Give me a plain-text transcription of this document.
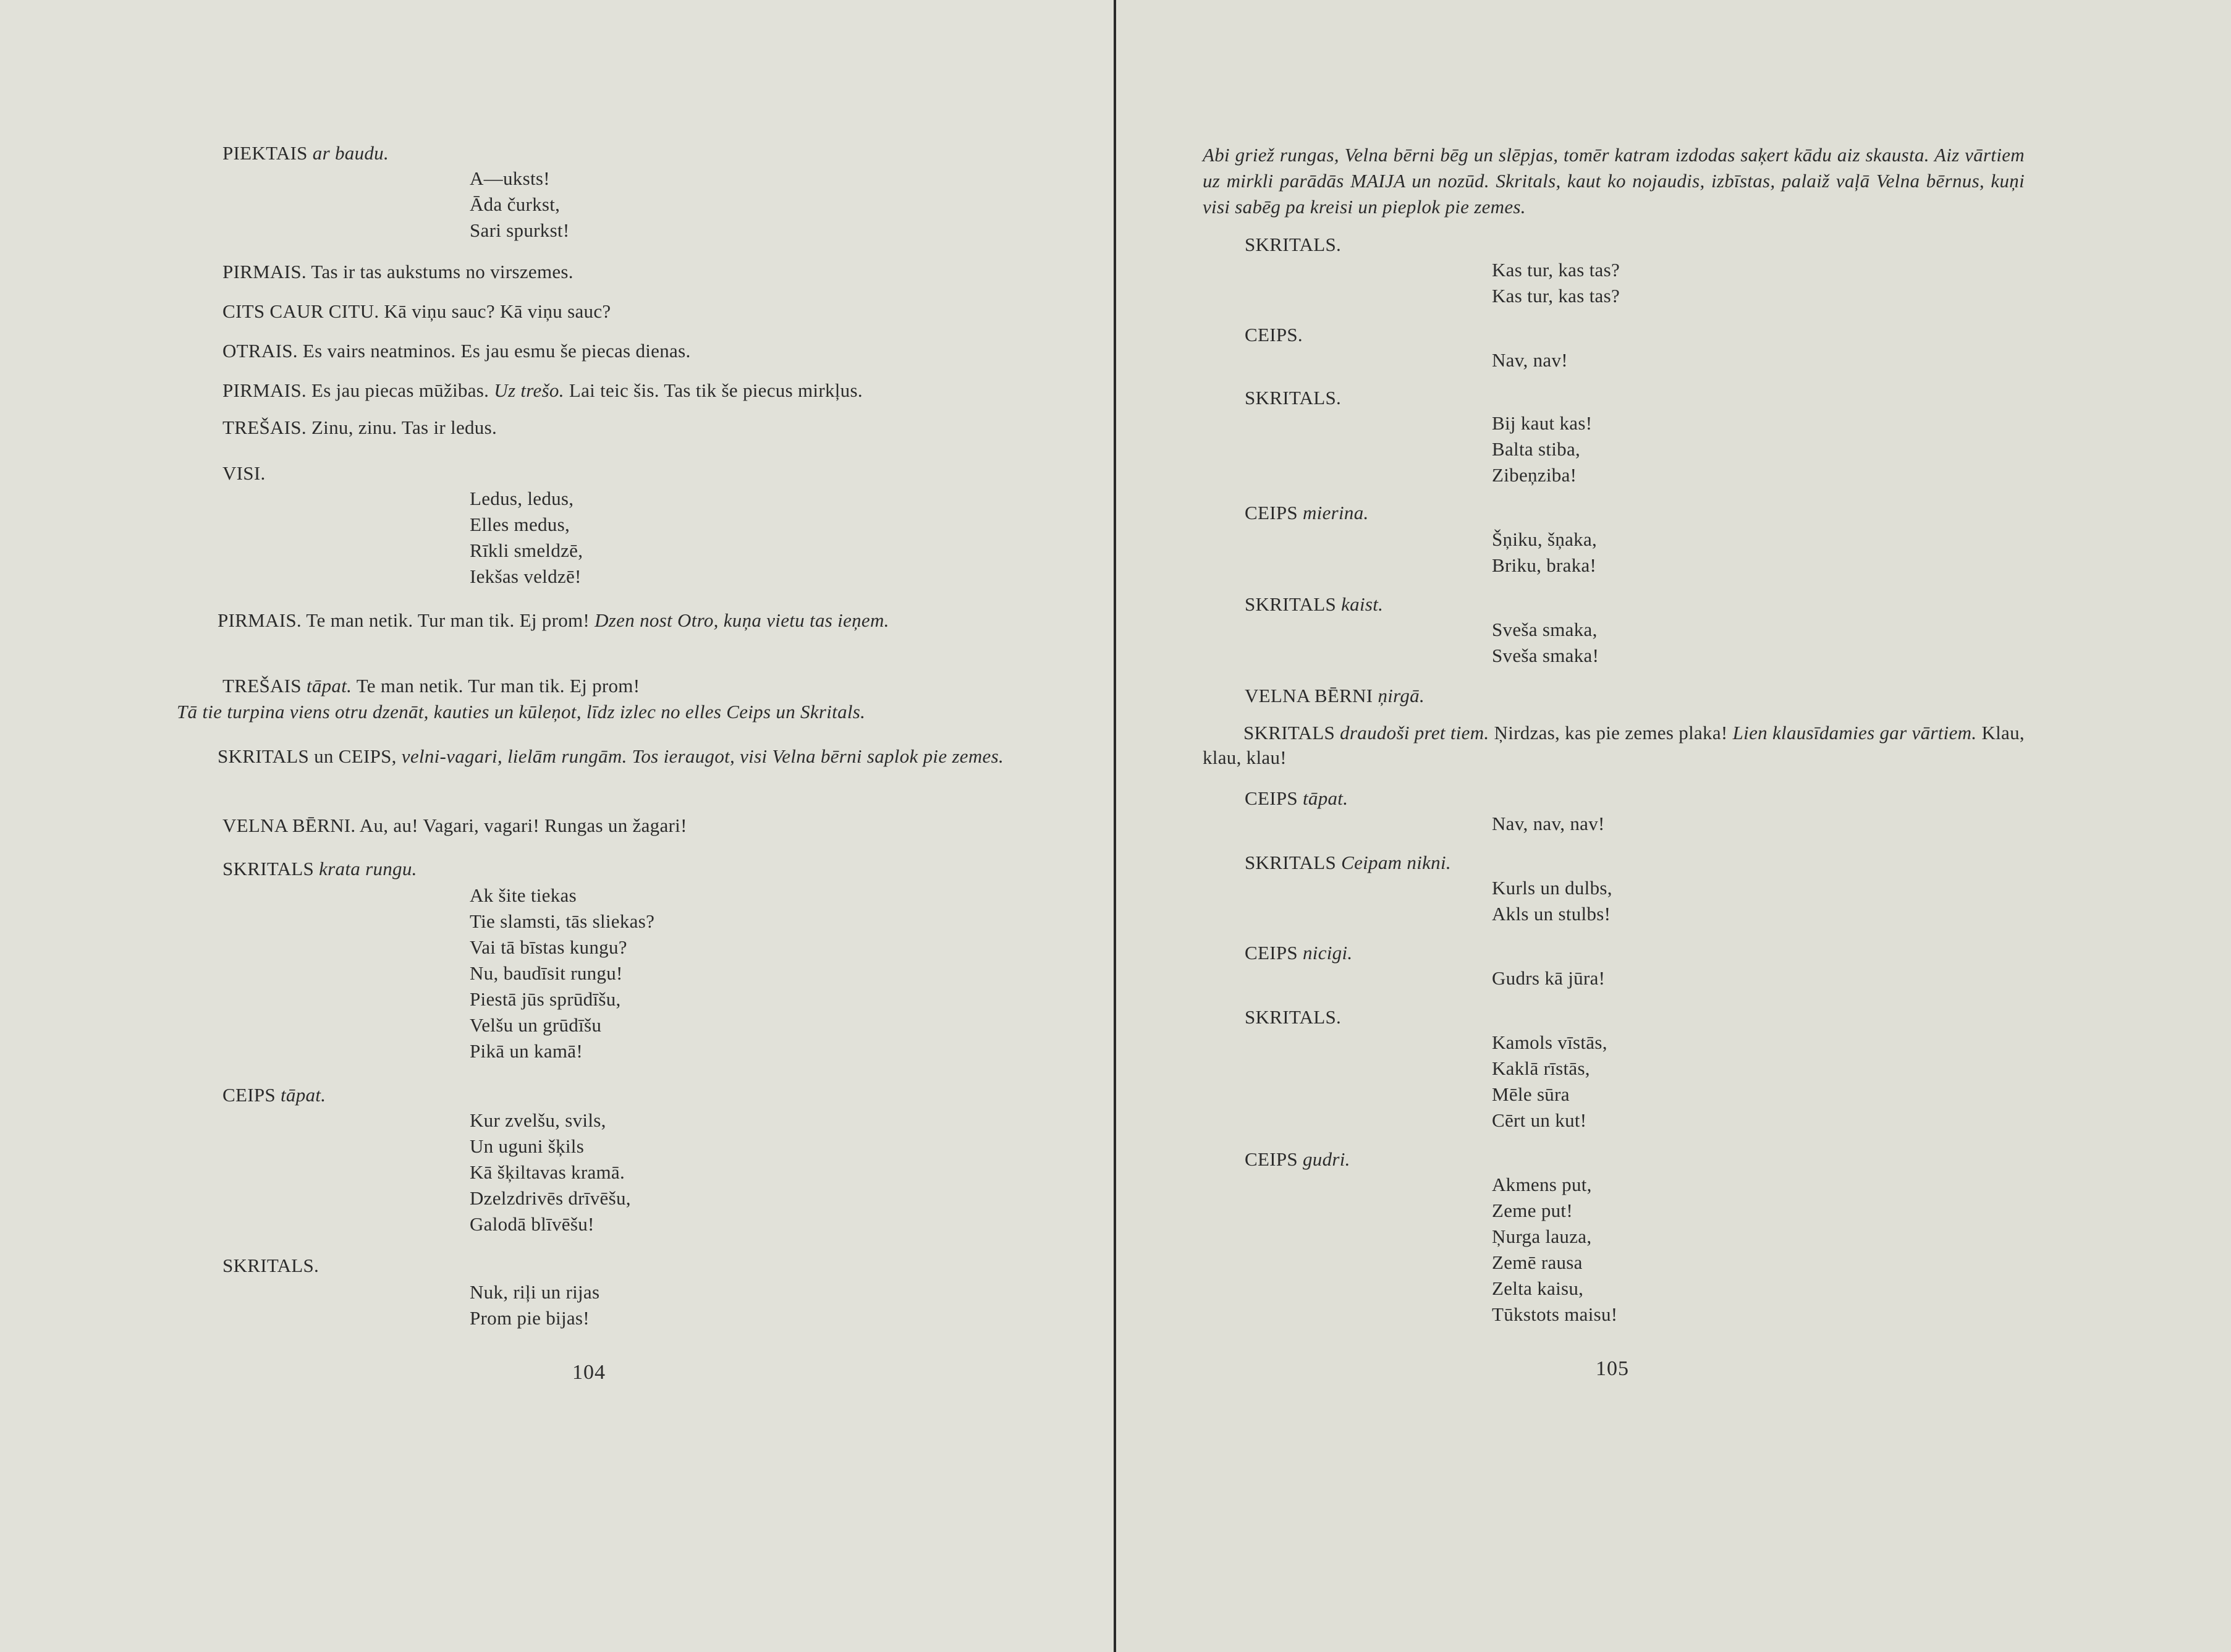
PIEKTAIS ar baudu.
A—uksts!
Āda čurkst,
Sari spurkst!
PIRMAIS. Tas ir tas aukstums no virszemes.
CITS CAUR CITU. Kā viņu sauc? Kā viņu sauc?
OTRAIS. Es vairs neatminos. Es jau esmu še piecas dienas.
PIRMAIS. Es jau piecas mūžibas. Uz trešo. Lai teic šis. Tas tik še piecus mirkļus.
TREŠAIS. Zinu, zinu. Tas ir ledus.
VISI.
Ledus, ledus,
Elles medus,
Rīkli smeldzē,
Iekšas veldzē!
PIRMAIS. Te man netik. Tur man tik. Ej prom! Dzen nost Otro, kuņa vietu tas ieņem.
TREŠAIS tāpat. Te man netik. Tur man tik. Ej prom!
Tā tie turpina viens otru dzenāt, kauties un kūleņot, līdz izlec no elles Ceips un Skritals.
SKRITALS un CEIPS, velni-vagari, lielām rungām. Tos ieraugot, visi Velna bērni saplok pie zemes.
VELNA BĒRNI. Au, au! Vagari, vagari! Rungas un žagari!
SKRITALS krata rungu.
Ak šite tiekas
Tie slamsti, tās sliekas?
Vai tā bīstas kungu?
Nu, baudīsit rungu!
Piestā jūs sprūdīšu,
Velšu un grūdīšu
Pikā un kamā!
CEIPS tāpat.
Kur zvelšu, svils,
Un uguni šķils
Kā šķiltavas kramā.
Dzelzdrivēs drīvēšu,
Galodā blīvēšu!
SKRITALS.
Nuk, riļi un rijas
Prom pie bijas!
104
Abi griež rungas, Velna bērni bēg un slēpjas, tomēr katram izdodas saķert kādu aiz skausta. Aiz vārtiem uz mirkli parādās MAIJA un nozūd. Skritals, kaut ko nojaudis, izbīstas, palaiž vaļā Velna bērnus, kuņi visi sabēg pa kreisi un pieplok pie zemes.
SKRITALS.
Kas tur, kas tas?
Kas tur, kas tas?
CEIPS.
Nav, nav!
SKRITALS.
Bij kaut kas!
Balta stiba,
Zibeņziba!
CEIPS mierina.
Šņiku, šņaka,
Briku, braka!
SKRITALS kaist.
Sveša smaka,
Sveša smaka!
VELNA BĒRNI ņirgā.
SKRITALS draudoši pret tiem. Ņirdzas, kas pie zemes plaka! Lien klausīdamies gar vārtiem. Klau, klau, klau!
CEIPS tāpat.
Nav, nav, nav!
SKRITALS Ceipam nikni.
Kurls un dulbs,
Akls un stulbs!
CEIPS nicigi.
Gudrs kā jūra!
SKRITALS.
Kamols vīstās,
Kaklā rīstās,
Mēle sūra
Cērt un kut!
CEIPS gudri.
Akmens put,
Zeme put!
Ņurga lauza,
Zemē rausa
Zelta kaisu,
Tūkstots maisu!
105
